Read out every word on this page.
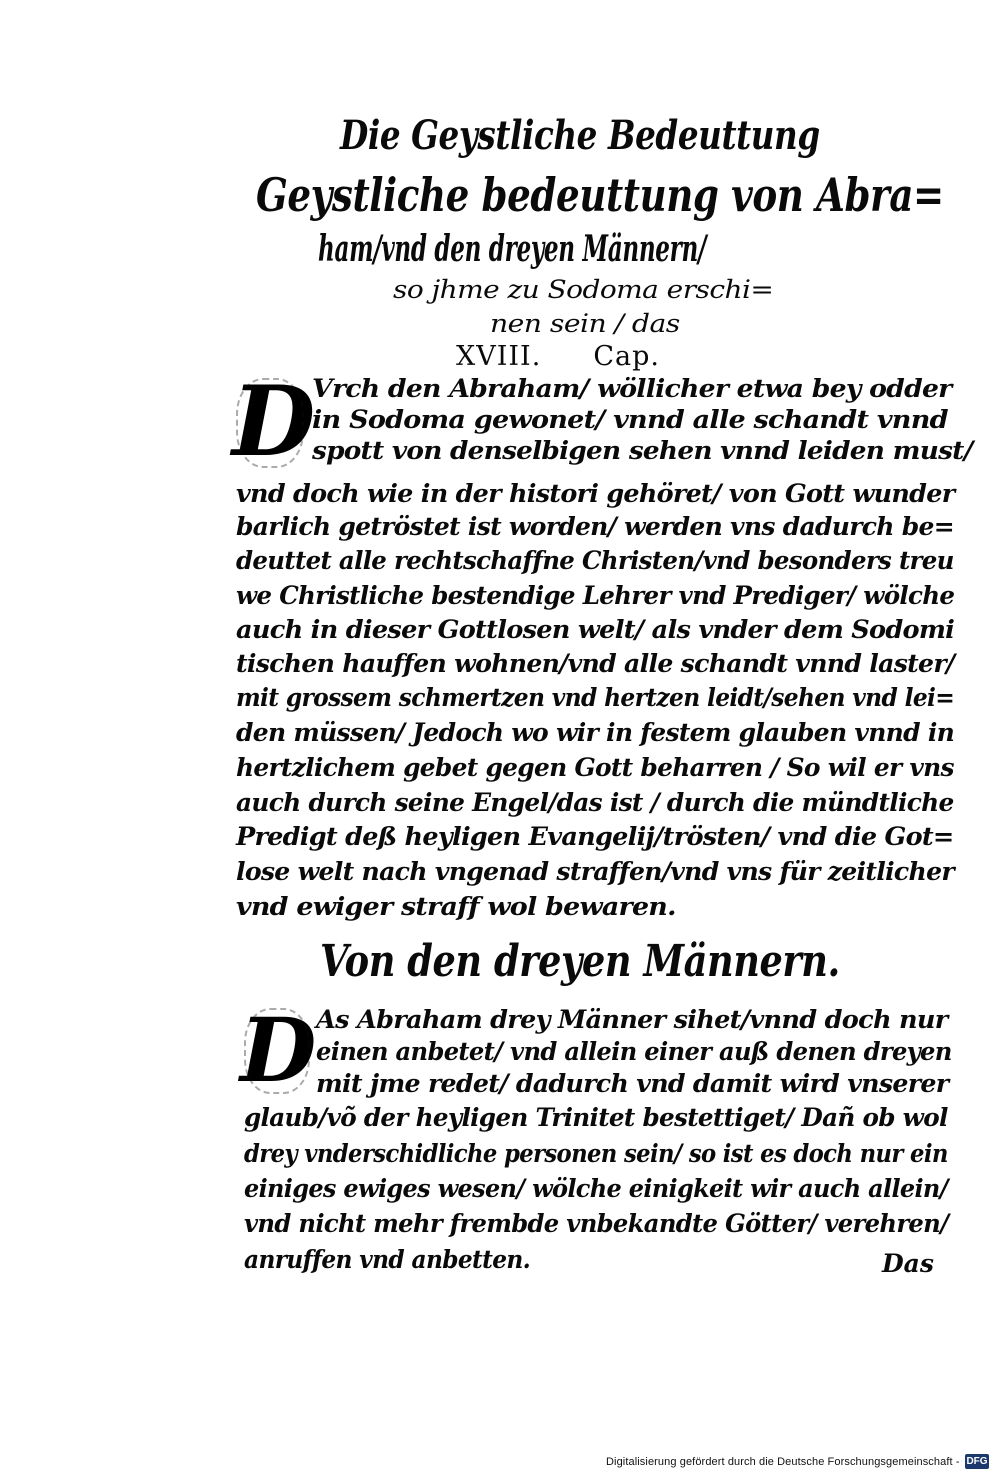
Die Geystliche Bedeuttung
Geystliche bedeuttung von Abra=
ham/vnd den dreyen Männern/
so jhme zu Sodoma erschi=
nen sein / das
XVIII. Cap.
D
Vrch den Abraham/ wöllicher etwa bey odder
in Sodoma gewonet/ vnnd alle schandt vnnd
spott von denselbigen sehen vnnd leiden must/
vnd doch wie in der histori gehöret/ von Gott wunder
barlich getröstet ist worden/ werden vns dadurch be=
deuttet alle rechtschaffne Christen/vnd besonders treu
we Christliche bestendige Lehrer vnd Prediger/ wölche
auch in dieser Gottlosen welt/ als vnder dem Sodomi
tischen hauffen wohnen/vnd alle schandt vnnd laster/
mit grossem schmertzen vnd hertzen leidt/sehen vnd lei=
den müssen/ Jedoch wo wir in festem glauben vnnd in
hertzlichem gebet gegen Gott beharren / So wil er vns
auch durch seine Engel/das ist / durch die mündtliche
Predigt deß heyligen Evangelij/trösten/ vnd die Got=
lose welt nach vngenad straffen/vnd vns für zeitlicher
vnd ewiger straff wol bewaren.
Von den dreyen Männern.
D As Abraham drey Männer sihet/vnnd doch nur
einen anbetet/ vnd allein einer auß denen dreyen
mit jme redet/ dadurch vnd damit wird vnserer
glaub/võ der heyligen Trinitet bestettiget/ Dañ ob wol
drey vnderschidliche personen sein/ so ist es doch nur ein
einiges ewiges wesen/ wölche einigkeit wir auch allein/
vnd nicht mehr frembde vnbekandte Götter/ verehren/
anruffen vnd anbetten.	Das
Digitalisierung gefördert durch die Deutsche Forschungsgemeinschaft - DFG
